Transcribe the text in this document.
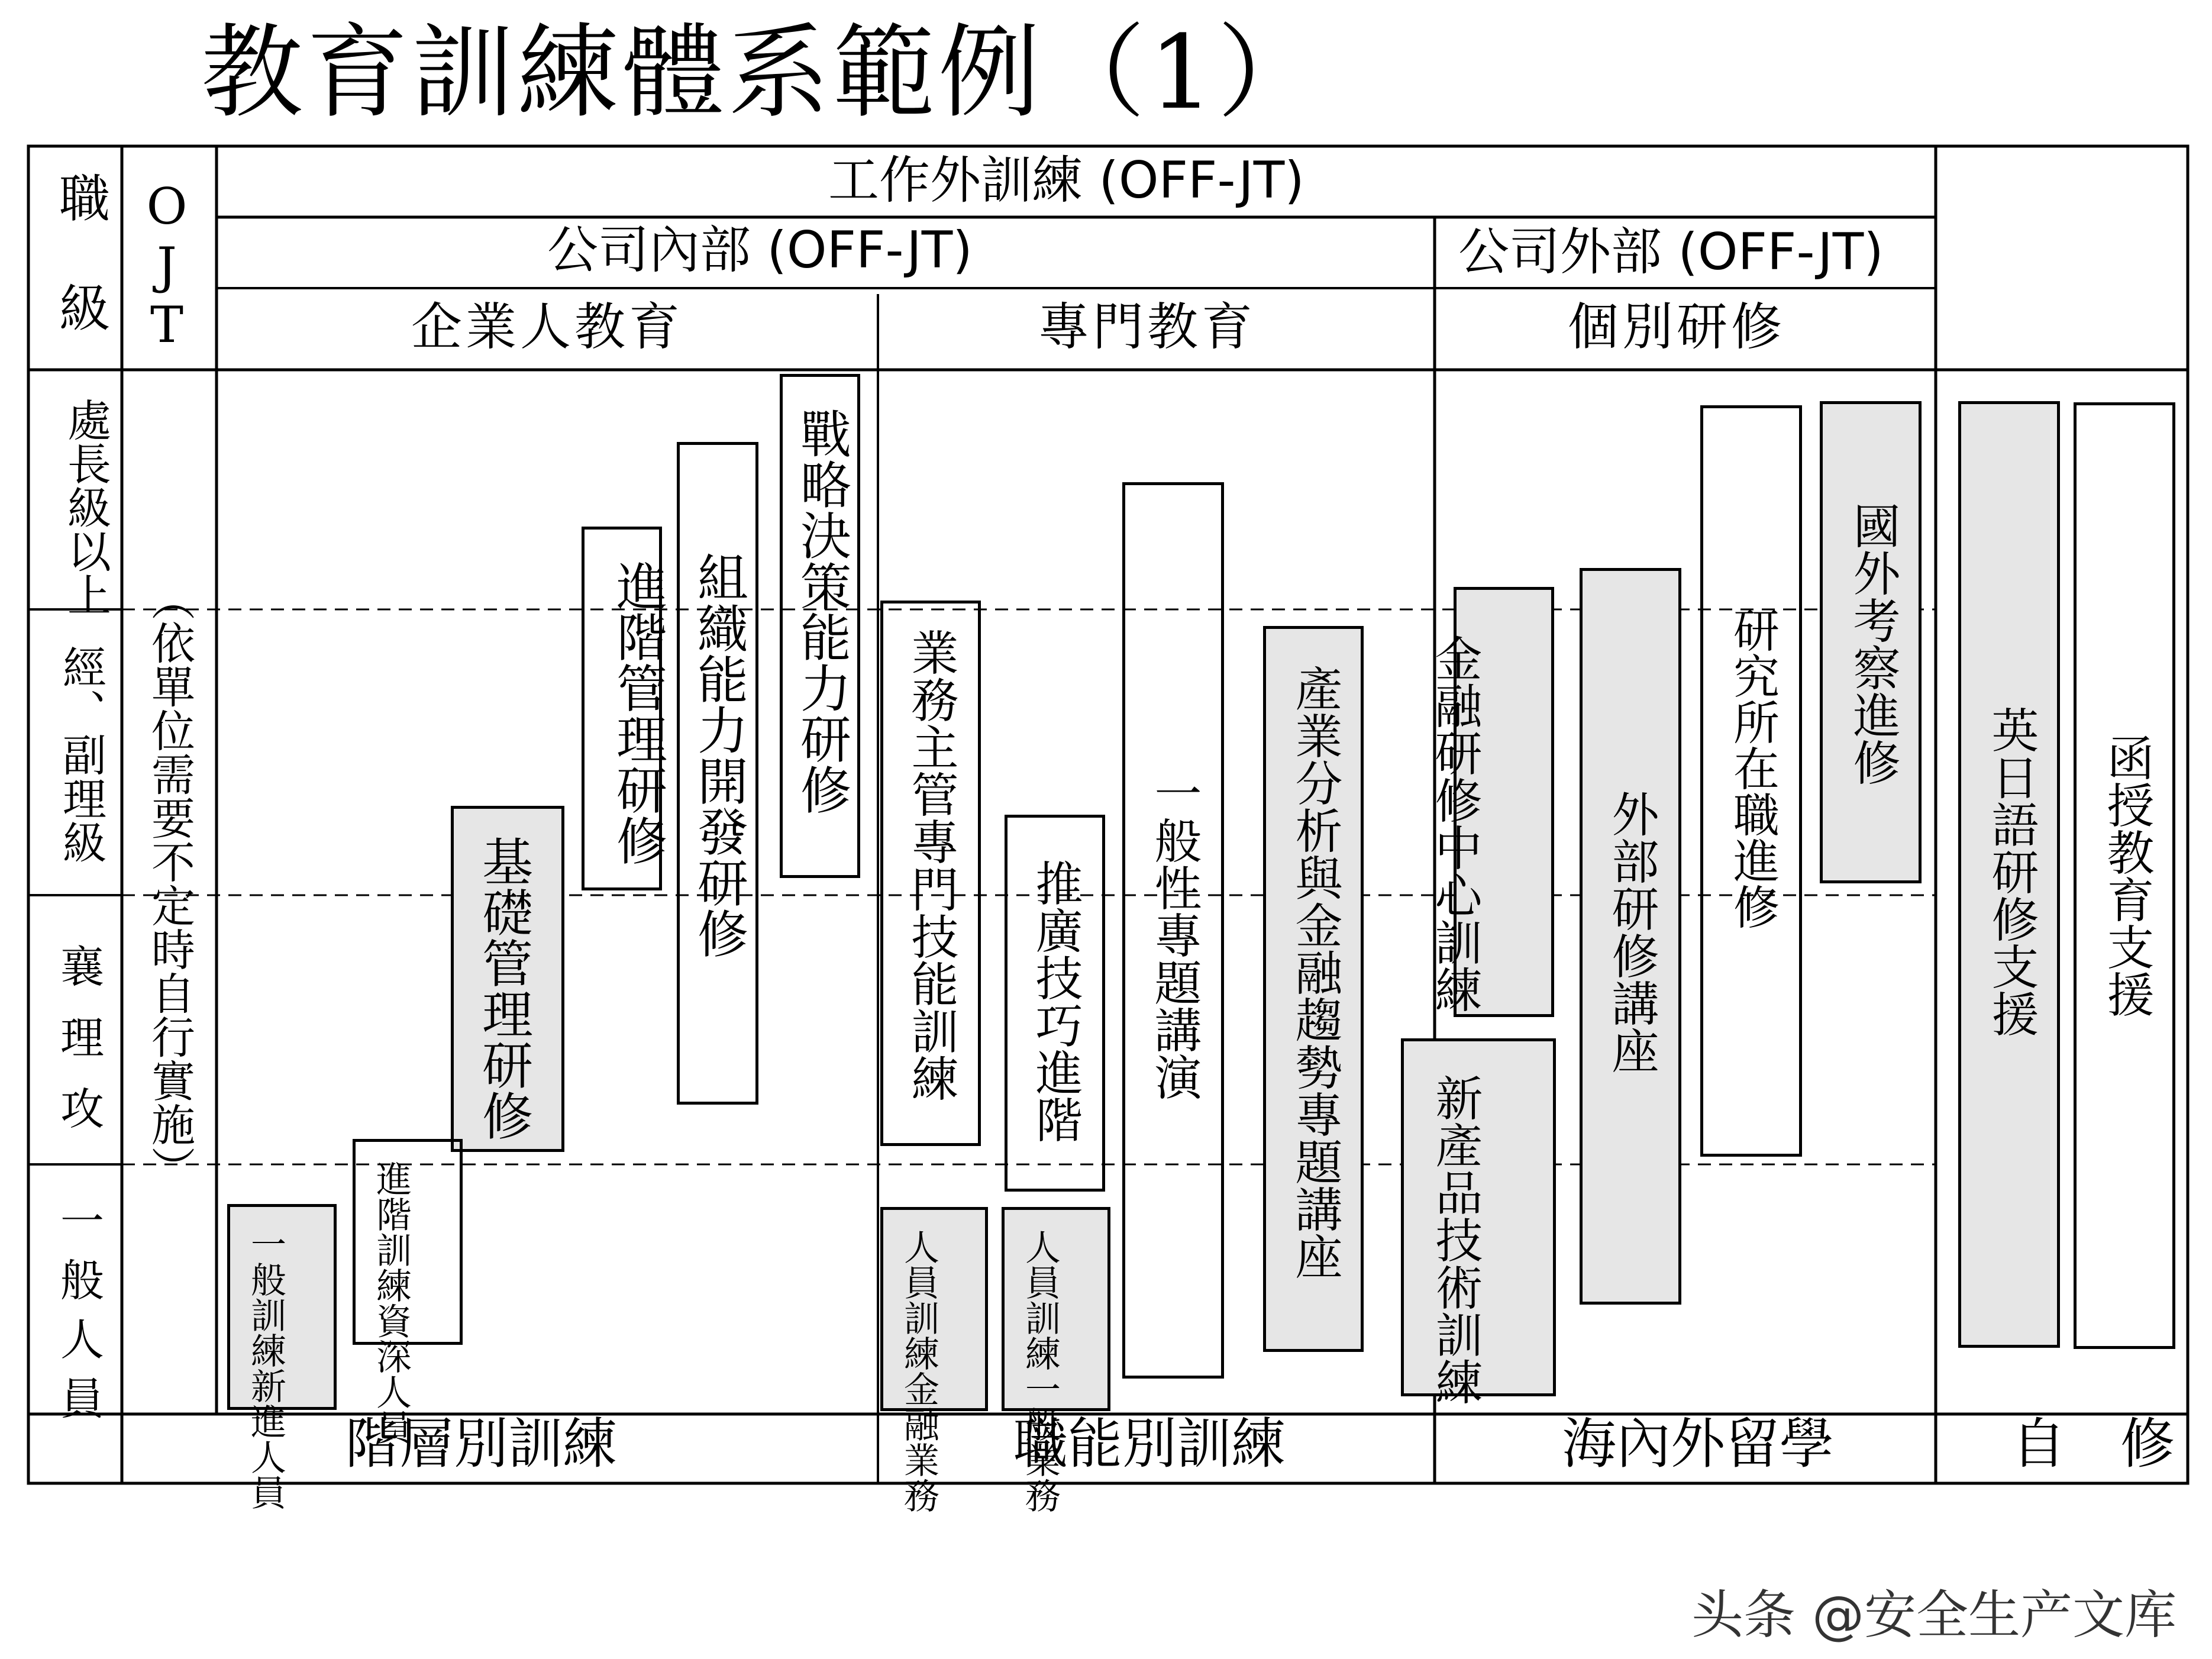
教育訓練體系範例（1）
職級 OJT	工作外訓練 (OFF-JT)
公司內部 (OFF-JT)	公司外部 (OFF-JT)
企業人教育	專門教育	個別研修
處長級以上
經、副理級
襄理攻
一般人員
（依單位需要不定時自行實施）	戰略決策能力研修
組織能力開發研修
進階管理研修
基礎管理研修
進階訓練資深人員
一般訓練新進人員
業務主管專門技能訓練
人員訓練金融業務
推廣技巧進階
人員訓練一般業務
一般性專題講演 產業分析與金融趨勢專題講座 金融研修中心訓練
新產品技術訓練
外部研修講座
研究所在職進修 國外考察進修
英日語研修支援 函授教育支援
階層別訓練	職能別訓練	海內外留學	自　修
头条 @安全生产文库
